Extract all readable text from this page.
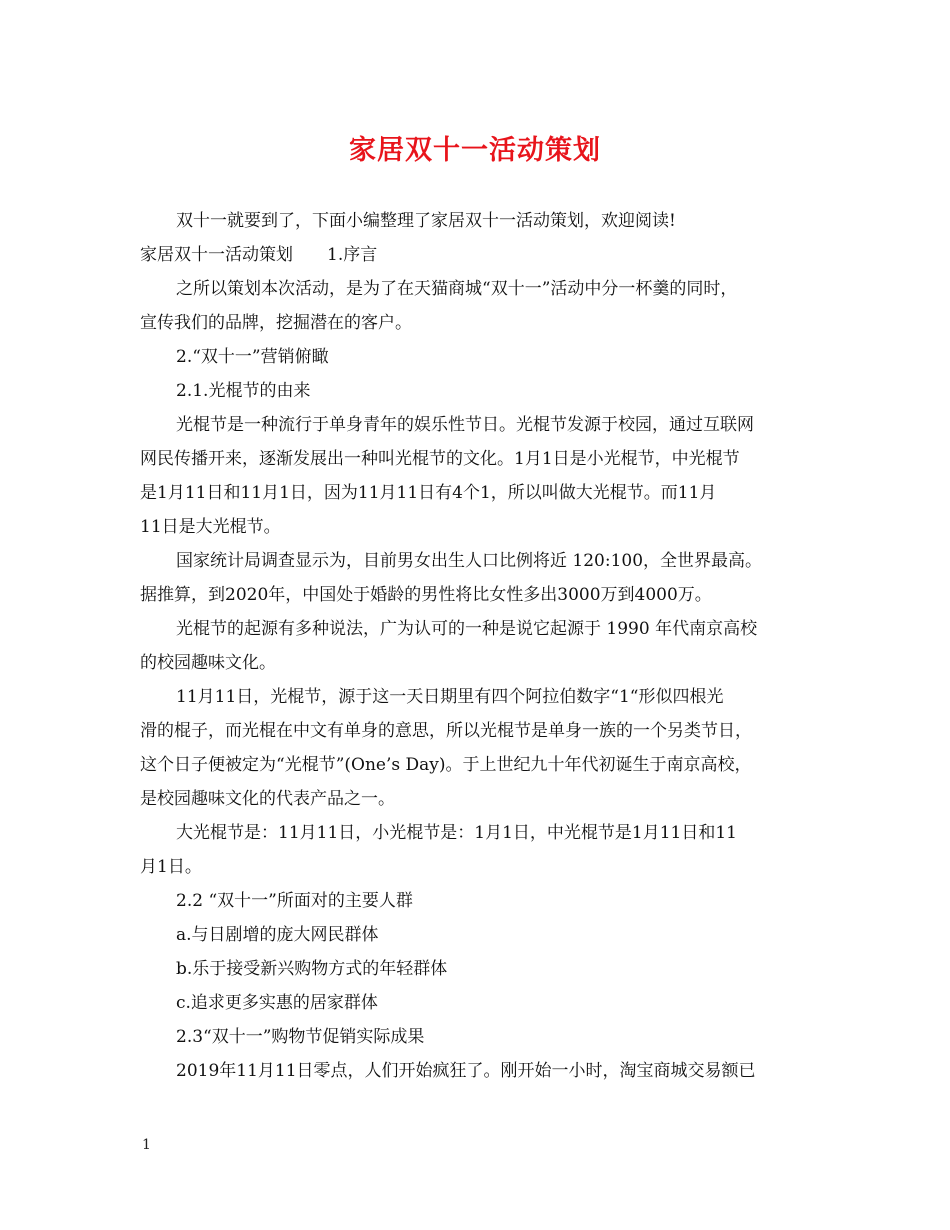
家居双十一活动策划

双十一就要到了，下面小编整理了家居双十一活动策划，欢迎阅读!

家居双十一活动策划　　1.序言

之所以策划本次活动，是为了在天猫商城“双十一”活动中分一杯羹的同时，

宣传我们的品牌，挖掘潜在的客户。

2.“双十一”营销俯瞰

2.1.光棍节的由来

光棍节是一种流行于单身青年的娱乐性节日。光棍节发源于校园，通过互联网

网民传播开来，逐渐发展出一种叫光棍节的文化。1月1日是小光棍节，中光棍节

是1月11日和11月1日，因为11月11日有4个1，所以叫做大光棍节。而11月

11日是大光棍节。

国家统计局调查显示为，目前男女出生人口比例将近 120:100，全世界最高。

据推算，到2020年，中国处于婚龄的男性将比女性多出3000万到4000万。

光棍节的起源有多种说法，广为认可的一种是说它起源于 1990 年代南京高校

的校园趣味文化。

11月11日，光棍节，源于这一天日期里有四个阿拉伯数字“1“形似四根光

滑的棍子，而光棍在中文有单身的意思，所以光棍节是单身一族的一个另类节日，

这个日子便被定为“光棍节”(One’s Day)。于上世纪九十年代初诞生于南京高校，

是校园趣味文化的代表产品之一。

大光棍节是：11月11日，小光棍节是：1月1日，中光棍节是1月11日和11

月1日。

2.2 “双十一”所面对的主要人群

a.与日剧增的庞大网民群体

b.乐于接受新兴购物方式的年轻群体

c.追求更多实惠的居家群体

2.3“双十一”购物节促销实际成果

2019年11月11日零点，人们开始疯狂了。刚开始一小时，淘宝商城交易额已

1
